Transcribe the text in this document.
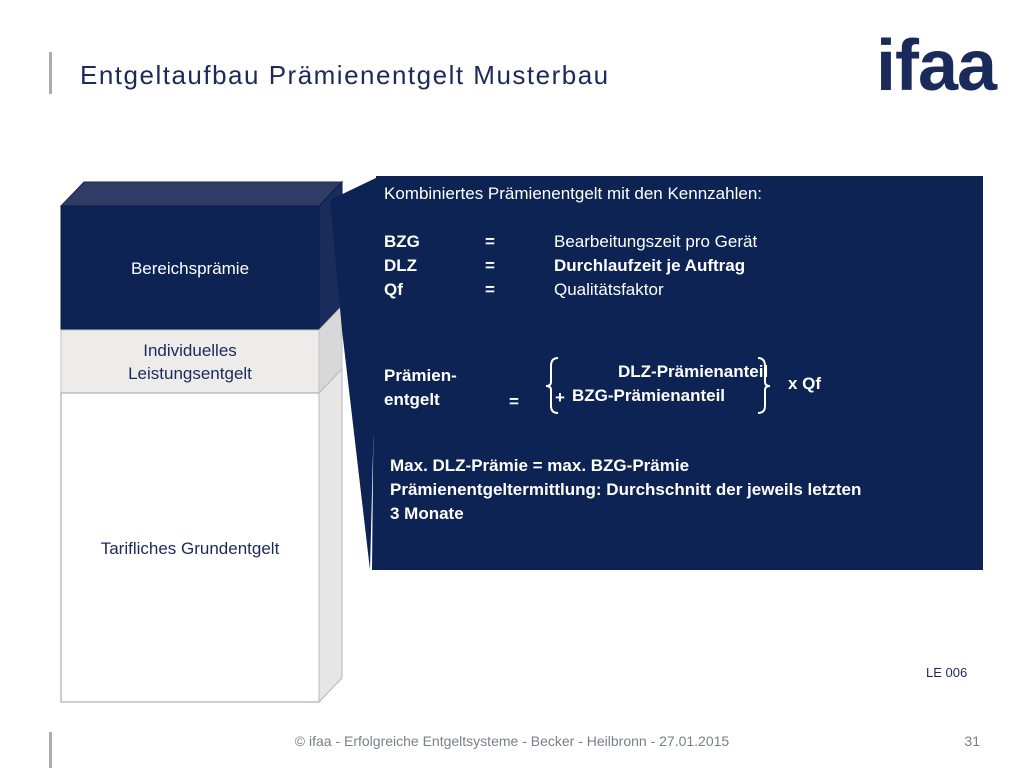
Entgeltaufbau Prämienentgelt Musterbau	ifaa
Bereichsprämie
Individuelles
Leistungsentgelt
Tarifliches Grundentgelt
Kombiniertes Prämienentgelt mit den Kennzahlen:
BZG	=	Bearbeitungszeit pro Gerät
DLZ	=	Durchlaufzeit je Auftrag
Qf	=	Qualitätsfaktor
Prämien-
entgelt	=
DLZ-Prämienanteil
+ BZG-Prämienanteil
x Qf
Max. DLZ-Prämie = max. BZG-Prämie
Prämienentgeltermittlung: Durchschnitt der jeweils letzten
3 Monate
LE 006
© ifaa - Erfolgreiche Entgeltsysteme - Becker - Heilbronn - 27.01.2015	31
